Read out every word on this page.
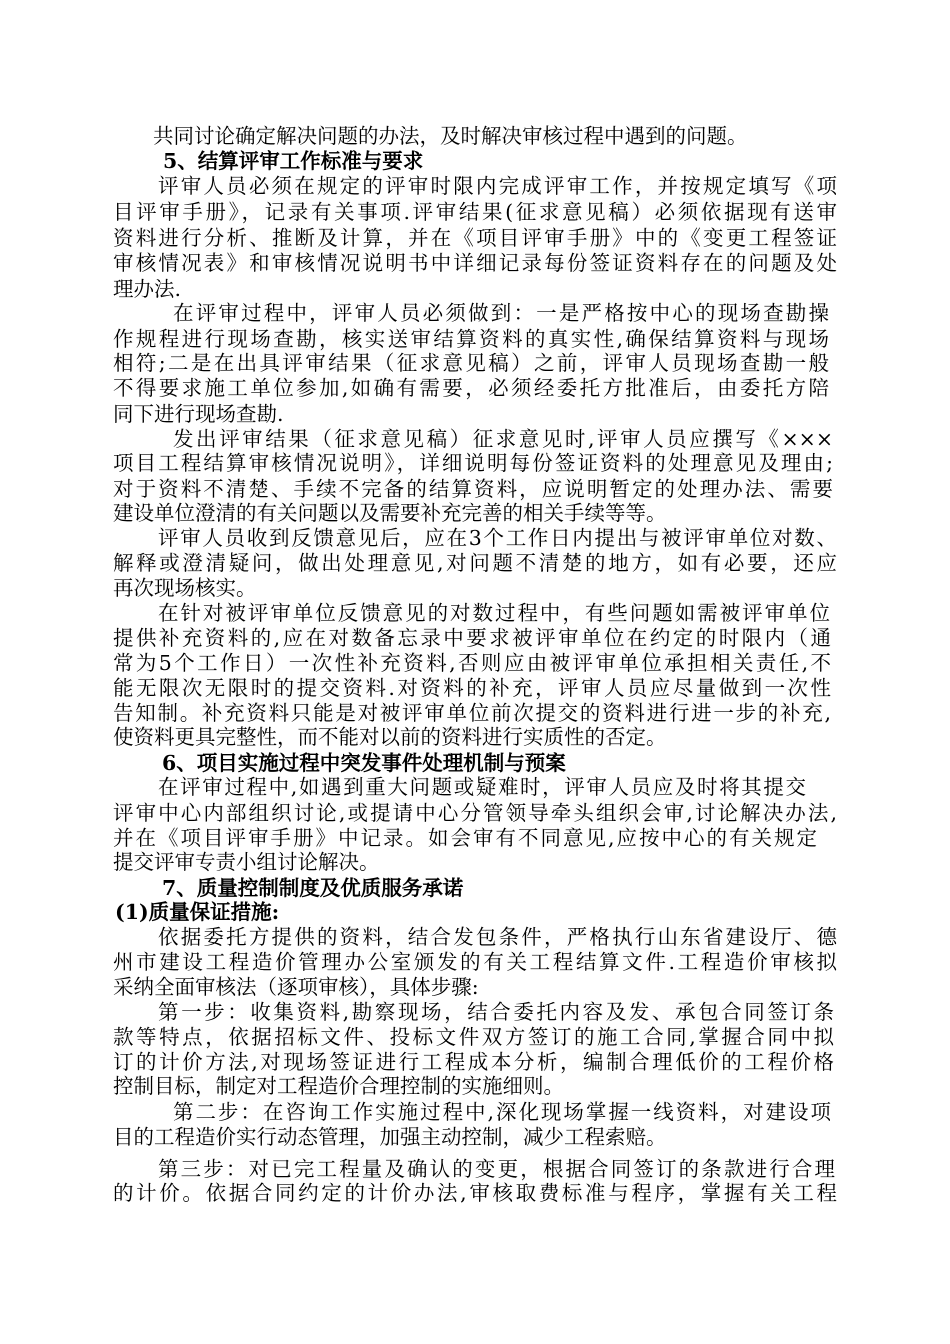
共同讨论确定解决问题的办法，及时解决审核过程中遇到的问题。
5、结算评审工作标准与要求
评审人员必须在规定的评审时限内完成评审工作，并按规定填写《项
目评审手册》，记录有关事项.评审结果(征求意见稿）必须依据现有送审
资料进行分析、推断及计算，并在《项目评审手册》中的《变更工程签证
审核情况表》和审核情况说明书中详细记录每份签证资料存在的问题及处
理办法.
在评审过程中，评审人员必须做到：一是严格按中心的现场查勘操
作规程进行现场查勘，核实送审结算资料的真实性,确保结算资料与现场
相符;二是在出具评审结果（征求意见稿）之前，评审人员现场查勘一般
不得要求施工单位参加,如确有需要，必须经委托方批准后，由委托方陪
同下进行现场查勘.
发出评审结果（征求意见稿）征求意见时,评审人员应撰写《×××
项目工程结算审核情况说明》，详细说明每份签证资料的处理意见及理由;
对于资料不清楚、手续不完备的结算资料，应说明暂定的处理办法、需要
建设单位澄清的有关问题以及需要补充完善的相关手续等等。
评审人员收到反馈意见后，应在3个工作日内提出与被评审单位对数、
解释或澄清疑问，做出处理意见,对问题不清楚的地方，如有必要，还应
再次现场核实。
在针对被评审单位反馈意见的对数过程中，有些问题如需被评审单位
提供补充资料的,应在对数备忘录中要求被评审单位在约定的时限内（通
常为5个工作日）一次性补充资料,否则应由被评审单位承担相关责任,不
能无限次无限时的提交资料.对资料的补充，评审人员应尽量做到一次性
告知制。补充资料只能是对被评审单位前次提交的资料进行进一步的补充,
使资料更具完整性，而不能对以前的资料进行实质性的否定。
6、项目实施过程中突发事件处理机制与预案
在评审过程中,如遇到重大问题或疑难时，评审人员应及时将其提交
评审中心内部组织讨论,或提请中心分管领导牵头组织会审,讨论解决办法,
并在《项目评审手册》中记录。如会审有不同意见,应按中心的有关规定
提交评审专责小组讨论解决。
7、质量控制制度及优质服务承诺
(1)质量保证措施:
依据委托方提供的资料，结合发包条件，严格执行山东省建设厅、德
州市建设工程造价管理办公室颁发的有关工程结算文件.工程造价审核拟
采纳全面审核法（逐项审核），具体步骤:
第一步：收集资料,勘察现场，结合委托内容及发、承包合同签订条
款等特点，依据招标文件、投标文件双方签订的施工合同,掌握合同中拟
订的计价方法,对现场签证进行工程成本分析，编制合理低价的工程价格
控制目标，制定对工程造价合理控制的实施细则。
第二步：在咨询工作实施过程中,深化现场掌握一线资料，对建设项
目的工程造价实行动态管理，加强主动控制，减少工程索赔。
第三步：对已完工程量及确认的变更，根据合同签订的条款进行合理
的计价。依据合同约定的计价办法,审核取费标准与程序，掌握有关工程
